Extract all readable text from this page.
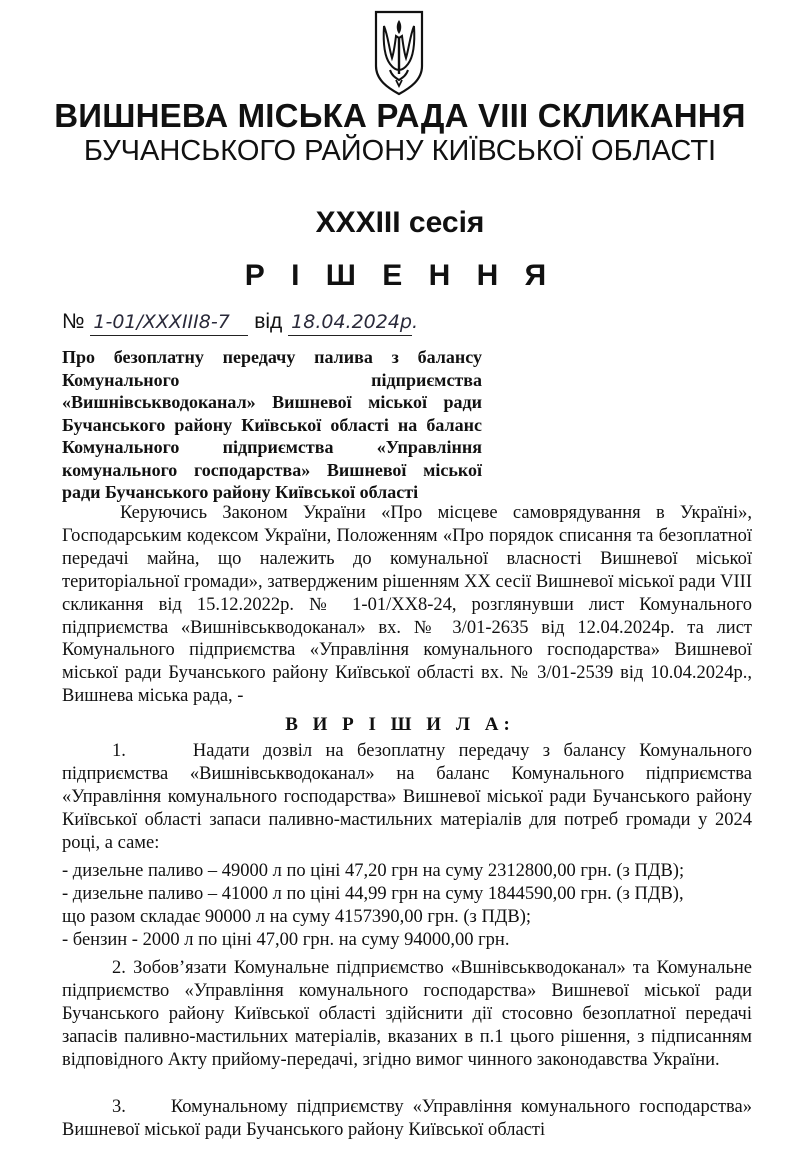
ВИШНЕВА МІСЬКА РАДА VIII СКЛИКАННЯ
БУЧАНСЬКОГО РАЙОНУ КИЇВСЬКОЇ ОБЛАСТІ
XXXIII сесія
Р І Ш Е Н Н Я
№ 1-01/XXXIII8-7 від 18.04.2024р.
Про безоплатну передачу палива з балансу
Комунального підприємства
«Вишнівськводоканал» Вишневої міської ради
Бучанського району Київської області на баланс
Комунального підприємства «Управління
комунального господарства» Вишневої міської
ради Бучанського району Київської області
Керуючись Законом України «Про місцеве самоврядування в Україні», Господарським кодексом України, Положенням «Про порядок списання та безоплатної передачі майна, що належить до комунальної власності Вишневої міської територіальної громади», затвердженим рішенням XX сесії Вишневої міської ради VIII скликання від 15.12.2022р. № 1-01/XX8-24, розглянувши лист Комунального підприємства «Вишнівськводоканал» вх. № 3/01-2635 від 12.04.2024р. та лист Комунального підприємства «Управління комунального господарства» Вишневої міської ради Бучанського району Київської області вх. № 3/01-2539 від 10.04.2024р., Вишнева міська рада, -
В И Р І Ш И Л А:
1.     Надати дозвіл на безоплатну передачу з балансу Комунального підприємства «Вишнівськводоканал» на баланс Комунального підприємства «Управління комунального господарства» Вишневої міської ради Бучанського району Київської області запаси паливно-мастильних матеріалів для потреб громади у 2024 році, а саме:
- дизельне паливо – 49000 л по ціні 47,20 грн на суму 2312800,00 грн. (з ПДВ);
- дизельне паливо – 41000 л по ціні 44,99 грн на суму 1844590,00 грн. (з ПДВ),
що разом складає 90000 л на суму 4157390,00 грн. (з ПДВ);
- бензин - 2000 л по ціні 47,00 грн. на суму 94000,00 грн.
2. Зобов’язати Комунальне підприємство «Вшнівськводоканал» та Комунальне підприємство «Управління комунального господарства» Вишневої міської ради Бучанського району Київської області здійснити дії стосовно безоплатної передачі запасів паливно-мастильних матеріалів, вказаних в п.1 цього рішення, з підписанням відповідного Акту прийому-передачі, згідно вимог чинного законодавства України.
3.     Комунальному підприємству «Управління комунального господарства» Вишневої міської ради Бучанського району Київської області
